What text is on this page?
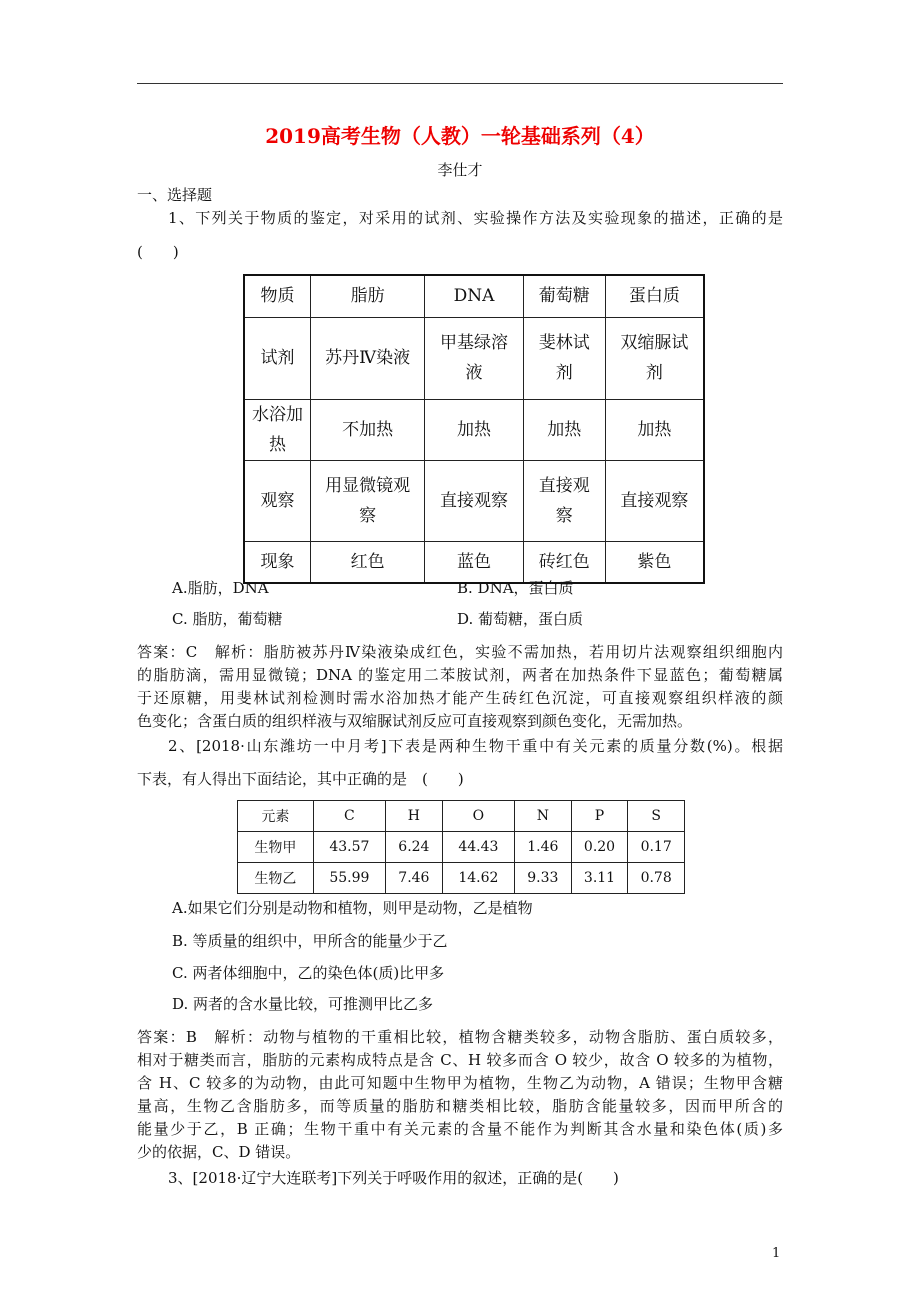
2019高考生物（人教）一轮基础系列（4）
李仕才
一、选择题
1、下列关于物质的鉴定，对采用的试剂、实验操作方法及实验现象的描述，正确的是
(　　)
物质	脂肪	DNA	葡萄糖	蛋白质
试剂	苏丹Ⅳ染液	甲基绿溶液	斐林试剂	双缩脲试剂
水浴加热	不加热	加热	加热	加热
观察	用显微镜观察	直接观察	直接观察	直接观察
现象	红色	蓝色	砖红色	紫色
A.脂肪，DNA	B. DNA，蛋白质
C. 脂肪，葡萄糖	D. 葡萄糖，蛋白质
答案：C　解析：脂肪被苏丹Ⅳ染液染成红色，实验不需加热，若用切片法观察组织细胞内
的脂肪滴，需用显微镜；DNA 的鉴定用二苯胺试剂，两者在加热条件下显蓝色；葡萄糖属
于还原糖，用斐林试剂检测时需水浴加热才能产生砖红色沉淀，可直接观察组织样液的颜
色变化；含蛋白质的组织样液与双缩脲试剂反应可直接观察到颜色变化，无需加热。
2、[2018·山东潍坊一中月考]下表是两种生物干重中有关元素的质量分数(%)。根据
下表，有人得出下面结论，其中正确的是　(　　)
元素	C	H	O	N	P	S
生物甲	43.57	6.24	44.43	1.46	0.20	0.17
生物乙	55.99	7.46	14.62	9.33	3.11	0.78
A.如果它们分别是动物和植物，则甲是动物，乙是植物
B. 等质量的组织中，甲所含的能量少于乙
C. 两者体细胞中，乙的染色体(质)比甲多
D. 两者的含水量比较，可推测甲比乙多
答案：B　解析：动物与植物的干重相比较，植物含糖类较多，动物含脂肪、蛋白质较多，
相对于糖类而言，脂肪的元素构成特点是含 C、H 较多而含 O 较少，故含 O 较多的为植物，
含 H、C 较多的为动物，由此可知题中生物甲为植物，生物乙为动物，A 错误；生物甲含糖
量高，生物乙含脂肪多，而等质量的脂肪和糖类相比较，脂肪含能量较多，因而甲所含的
能量少于乙，B 正确；生物干重中有关元素的含量不能作为判断其含水量和染色体(质)多
少的依据，C、D 错误。
3、[2018·辽宁大连联考]下列关于呼吸作用的叙述，正确的是(　　)
1
